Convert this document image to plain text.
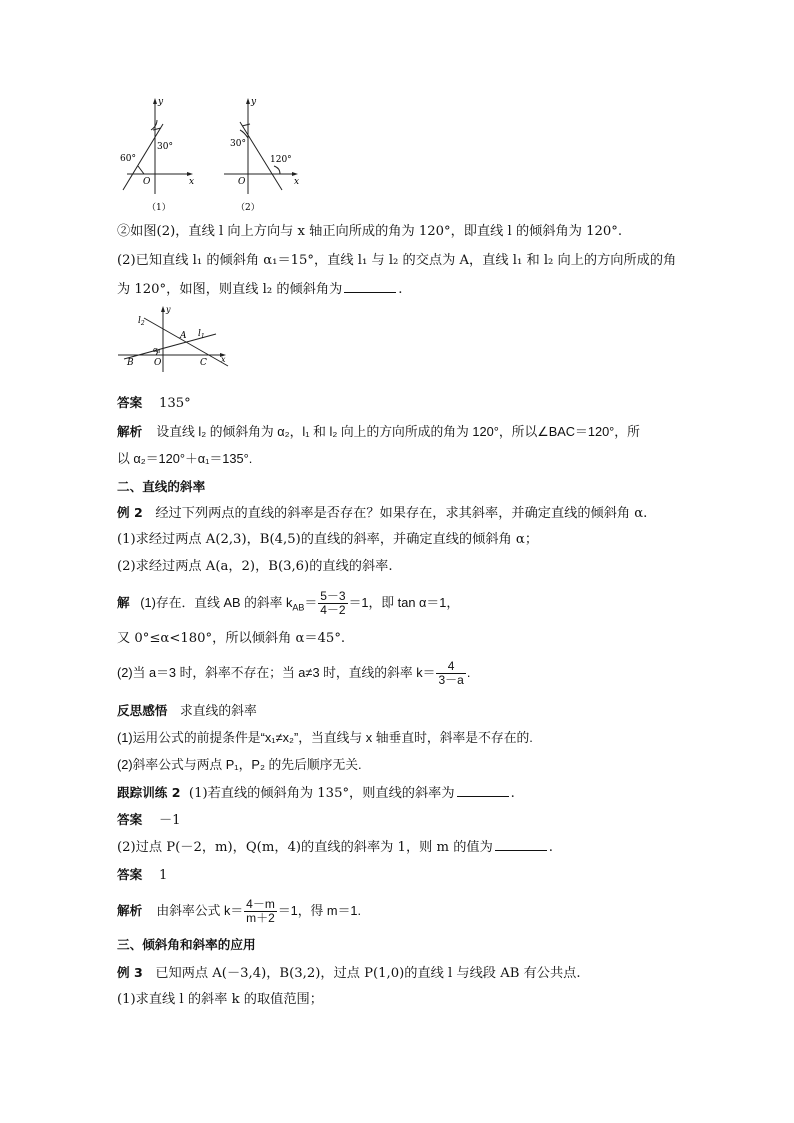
y
x
O
30°
60°
（1）
y
x
O
30°
120°
（2）
②如图(2)，直线 l 向上方向与 x 轴正向所成的角为 120°，即直线 l 的倾斜角为 120°.
(2)已知直线 l₁ 的倾斜角 α₁＝15°，直线 l₁ 与 l₂ 的交点为 A，直线 l₁ 和 l₂ 向上的方向所成的角
为 120°，如图，则直线 l₂ 的倾斜角为	.
y
x
$l_2$
$l_1$
A
B	C
O
α1
答案 135°
解析 设直线 l₂ 的倾斜角为 α₂，l₁ 和 l₂ 向上的方向所成的角为 120°，所以∠BAC＝120°，所
以 α₂＝120°＋α₁＝135°.
二、直线的斜率
例 2 经过下列两点的直线的斜率是否存在？如果存在，求其斜率，并确定直线的倾斜角 α.
(1)求经过两点 A(2,3)，B(4,5)的直线的斜率，并确定直线的倾斜角 α；
(2)求经过两点 A(a，2)，B(3,6)的直线的斜率.
解 (1)存在．直线 AB 的斜率 $k_{AB}= \frac{5-3}{4-2} =1$，即 tan α＝1，
又 0°≤α<180°，所以倾斜角 α＝45°.
(2)当 a＝3 时，斜率不存在；当 a≠3 时，直线的斜率 $k= \frac{4}{3-a}$ .
反思感悟 求直线的斜率
(1)运用公式的前提条件是“x₁≠x₂”，当直线与 x 轴垂直时，斜率是不存在的.
(2)斜率公式与两点 P₁，P₂ 的先后顺序无关.
跟踪训练 2 (1)若直线的倾斜角为 135°，则直线的斜率为	.
答案 －1
(2)过点 P(－2，m)，Q(m，4)的直线的斜率为 1，则 m 的值为	.
答案 1
解析 由斜率公式 $k= \frac{4-m}{m+2} =1$，得 m＝1.
三、倾斜角和斜率的应用
例 3 已知两点 A(－3,4)，B(3,2)，过点 P(1,0)的直线 l 与线段 AB 有公共点.
(1)求直线 l 的斜率 k 的取值范围；
